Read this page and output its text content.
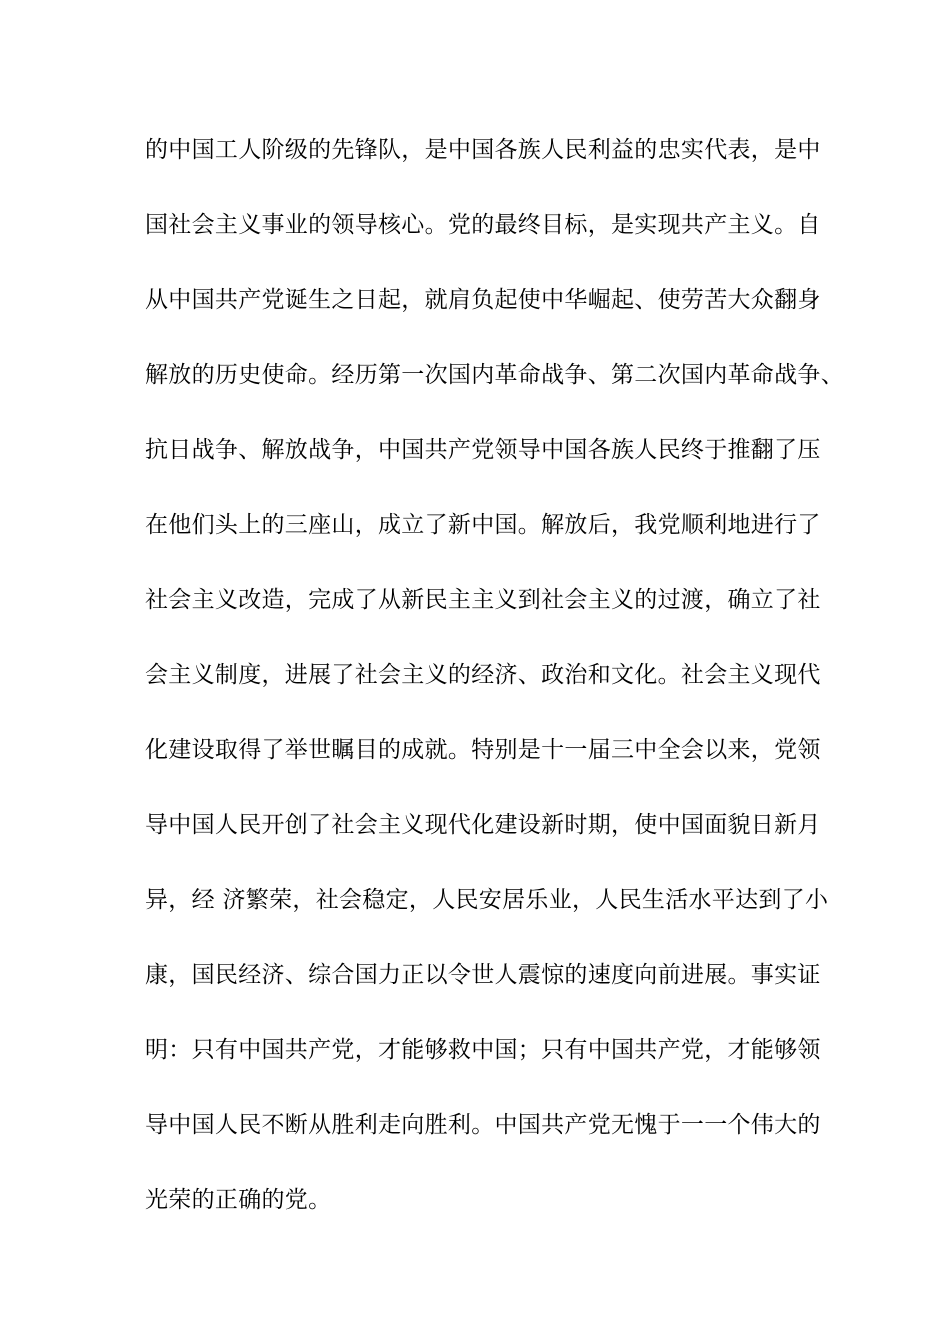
的中国工人阶级的先锋队，是中国各族人民利益的忠实代表，是中
国社会主义事业的领导核心。党的最终目标，是实现共产主义。自
从中国共产党诞生之日起，就肩负起使中华崛起、使劳苦大众翻身
解放的历史使命。经历第一次国内革命战争、第二次国内革命战争、
抗日战争、解放战争，中国共产党领导中国各族人民终于推翻了压
在他们头上的三座山，成立了新中国。解放后，我党顺利地进行了
社会主义改造，完成了从新民主主义到社会主义的过渡，确立了社
会主义制度，进展了社会主义的经济、政治和文化。社会主义现代
化建设取得了举世瞩目的成就。特别是十一届三中全会以来，党领
导中国人民开创了社会主义现代化建设新时期，使中国面貌日新月
异，经 济繁荣，社会稳定，人民安居乐业，人民生活水平达到了小
康，国民经济、综合国力正以令世人震惊的速度向前进展。事实证
明：只有中国共产党，才能够救中国；只有中国共产党，才能够领
导中国人民不断从胜利走向胜利。中国共产党无愧于一一个伟大的
光荣的正确的党。
